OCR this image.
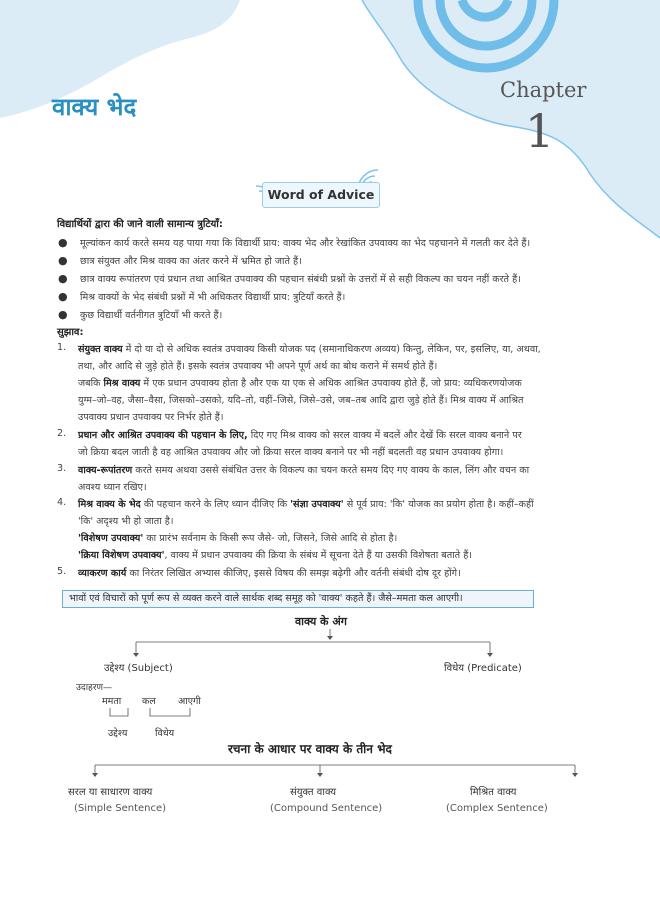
Chapter
1
वाक्य भेद
Word of Advice
विद्यार्थियों द्वारा की जाने वाली सामान्य त्रुटियाँ:
● मूल्यांकन कार्य करते समय यह पाया गया कि विद्यार्थी प्राय: वाक्य भेद और रेखांकित उपवाक्य का भेद पहचानने में गलती कर देते हैं।
● छात्र संयुक्त और मिश्र वाक्य का अंतर करने में भ्रमित हो जाते हैं।
● छात्र वाक्य रूपांतरण एवं प्रधान तथा आश्रित उपवाक्य की पहचान संबंधी प्रश्नों के उत्तरों में से सही विकल्प का चयन नहीं करते हैं।
● मिश्र वाक्यों के भेद संबंधी प्रश्नों में भी अधिकतर विद्यार्थी प्राय: त्रुटियाँ करते हैं।
● कुछ विद्यार्थी वर्तनीगत त्रुटियाँ भी करते हैं।
सुझाव:
1. संयुक्त वाक्य में दो या दो से अधिक स्वतंत्र उपवाक्य किसी योजक पद (समानाधिकरण अव्यय) किन्तु, लेकिन, पर, इसलिए, या, अथवा,
तथा, और आदि से जुड़े होते हैं। इसके स्वतंत्र उपवाक्य भी अपने पूर्ण अर्थ का बोध कराने में समर्थ होते हैं।
जबकि मिश्र वाक्य में एक प्रधान उपवाक्य होता है और एक या एक से अधिक आश्रित उपवाक्य होते हैं, जो प्राय: व्यधिकरणयोजक
युग्म–जो–वह, जैसा–वैसा, जिसको–उसको, यदि–तो, वहीं–जिसे, जिसे–उसे, जब–तब आदि द्वारा जुड़े होते हैं। मिश्र वाक्य में आश्रित
उपवाक्य प्रधान उपवाक्य पर निर्भर होते हैं।
2. प्रधान और आश्रित उपवाक्य की पहचान के लिए, दिए गए मिश्र वाक्य को सरल वाक्य में बदलें और देखें कि सरल वाक्य बनाने पर
जो क्रिया बदल जाती है वह आश्रित उपवाक्य और जो क्रिया सरल वाक्य बनाने पर भी नहीं बदलती वह प्रधान उपवाक्य होगा।
3. वाक्य-रूपांतरण करते समय अथवा उससे संबंधित उत्तर के विकल्प का चयन करते समय दिए गए वाक्य के काल, लिंग और वचन का
अवश्य ध्यान रखिए।
4. मिश्र वाक्य के भेद की पहचान करने के लिए ध्यान दीजिए कि 'संज्ञा उपवाक्य' से पूर्व प्राय: 'कि' योजक का प्रयोग होता है। कहीं–कहीं
'कि' अदृश्य भी हो जाता है।
'विशेषण उपवाक्य' का प्रारंभ सर्वनाम के किसी रूप जैसे- जो, जिसने, जिसे आदि से होता है।
'क्रिया विशेषण उपवाक्य', वाक्य में प्रधान उपवाक्य की क्रिया के संबंध में सूचना देते हैं या उसकी विशेषता बताते हैं।
5. व्याकरण कार्य का निरंतर लिखित अभ्यास कीजिए, इससे विषय की समझ बढ़ेगी और वर्तनी संबंधी दोष दूर होंगे।
भावों एवं विचारों को पूर्ण रूप से व्यक्त करने वाले सार्थक शब्द समूह को 'वाक्य' कहते हैं। जैसे–ममता कल आएगी।
वाक्य के अंग
उद्देश्य (Subject)	विधेय (Predicate)
उदाहरण—
ममता कल आएगी
उद्देश्य	विधेय
रचना के आधार पर वाक्य के तीन भेद
सरल या साधारण वाक्य
(Simple Sentence)
संयुक्त वाक्य
(Compound Sentence)
मिश्रित वाक्य
(Complex Sentence)
